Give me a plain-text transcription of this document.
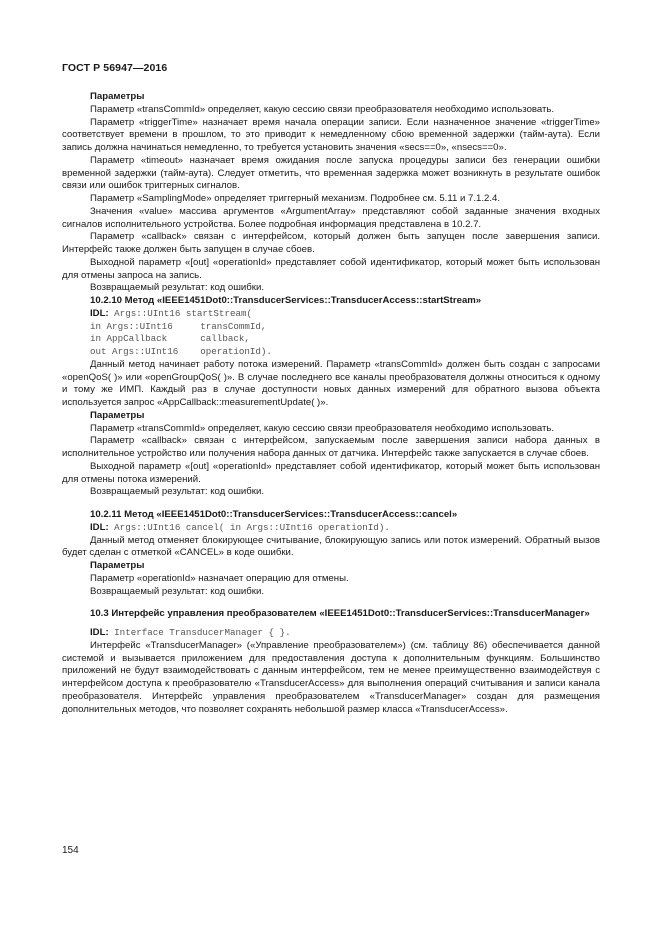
ГОСТ Р 56947—2016

Параметры

Параметр «transCommId» определяет, какую сессию связи преобразователя необходимо использовать.

Параметр «triggerTime» назначает время начала операции записи. Если назначенное значение «triggerTime» соответствует времени в прошлом, то это приводит к немедленному сбою временной задержки (тайм-аута). Если запись должна начинаться немедленно, то требуется установить значения «secs==0», «nsecs==0».

Параметр «timeout» назначает время ожидания после запуска процедуры записи без генерации ошибки временной задержки (тайм-аута). Следует отметить, что временная задержка может возникнуть в результате ошибок связи или ошибок триггерных сигналов.

Параметр «SamplingMode» определяет триггерный механизм. Подробнее см. 5.11 и 7.1.2.4.

Значения «value» массива аргументов «ArgumentArray» представляют собой заданные значения входных сигналов исполнительного устройства. Более подробная информация представлена в 10.2.7.

Параметр «callback» связан с интерфейсом, который должен быть запущен после завершения записи. Интерфейс также должен быть запущен в случае сбоев.

Выходной параметр «[out] «operationId» представляет собой идентификатор, который может быть использован для отмены запроса на запись.

Возвращаемый результат: код ошибки.

10.2.10 Метод «IEEE1451Dot0::TransducerServices::TransducerAccess::startStream»

IDL: Args::UInt16 startStream(

in Args::UInt16     transCommId,
in AppCallback      callback,
out Args::UInt16    operationId).

Данный метод начинает работу потока измерений. Параметр «transCommId» должен быть создан с запросами «openQoS( )» или «openGroupQoS( )». В случае последнего все каналы преобразователя должны относиться к одному и тому же ИМП. Каждый раз в случае доступности новых данных измерений для обратного вызова объекта используется запрос «AppCallback::measurementUpdate( )».

Параметры

Параметр «transCommId» определяет, какую сессию связи преобразователя необходимо использовать.

Параметр «callback» связан с интерфейсом, запускаемым после завершения записи набора данных в исполнительное устройство или получения набора данных от датчика. Интерфейс также запускается в случае сбоев.

Выходной параметр «[out] «operationId» представляет собой идентификатор, который может быть использован для отмены потока измерений.

Возвращаемый результат: код ошибки.

10.2.11 Метод «IEEE1451Dot0::TransducerServices::TransducerAccess::cancel»

IDL: Args::UInt16 cancel( in Args::UInt16 operationId).

Данный метод отменяет блокирующее считывание, блокирующую запись или поток измерений. Обратный вызов будет сделан с отметкой «CANCEL» в коде ошибки.

Параметры

Параметр «operationId» назначает операцию для отмены.

Возвращаемый результат: код ошибки.

10.3 Интерфейс управления преобразователем «IEEE1451Dot0::TransducerServices::TransducerManager»

IDL: Interface TransducerManager { }.

Интерфейс «TransducerManager» («Управление преобразователем») (см. таблицу 86) обеспечивается данной системой и вызывается приложением для предоставления доступа к дополнительным функциям. Большинство приложений не будут взаимодействовать с данным интерфейсом, тем не менее преимущественно взаимодействуя с интерфейсом доступа к преобразователю «TransducerAccess» для выполнения операций считывания и записи канала преобразователя. Интерфейс управления преобразователем «TransducerManager» создан для размещения дополнительных методов, что позволяет сохранять небольшой размер класса «TransducerAccess».

154
